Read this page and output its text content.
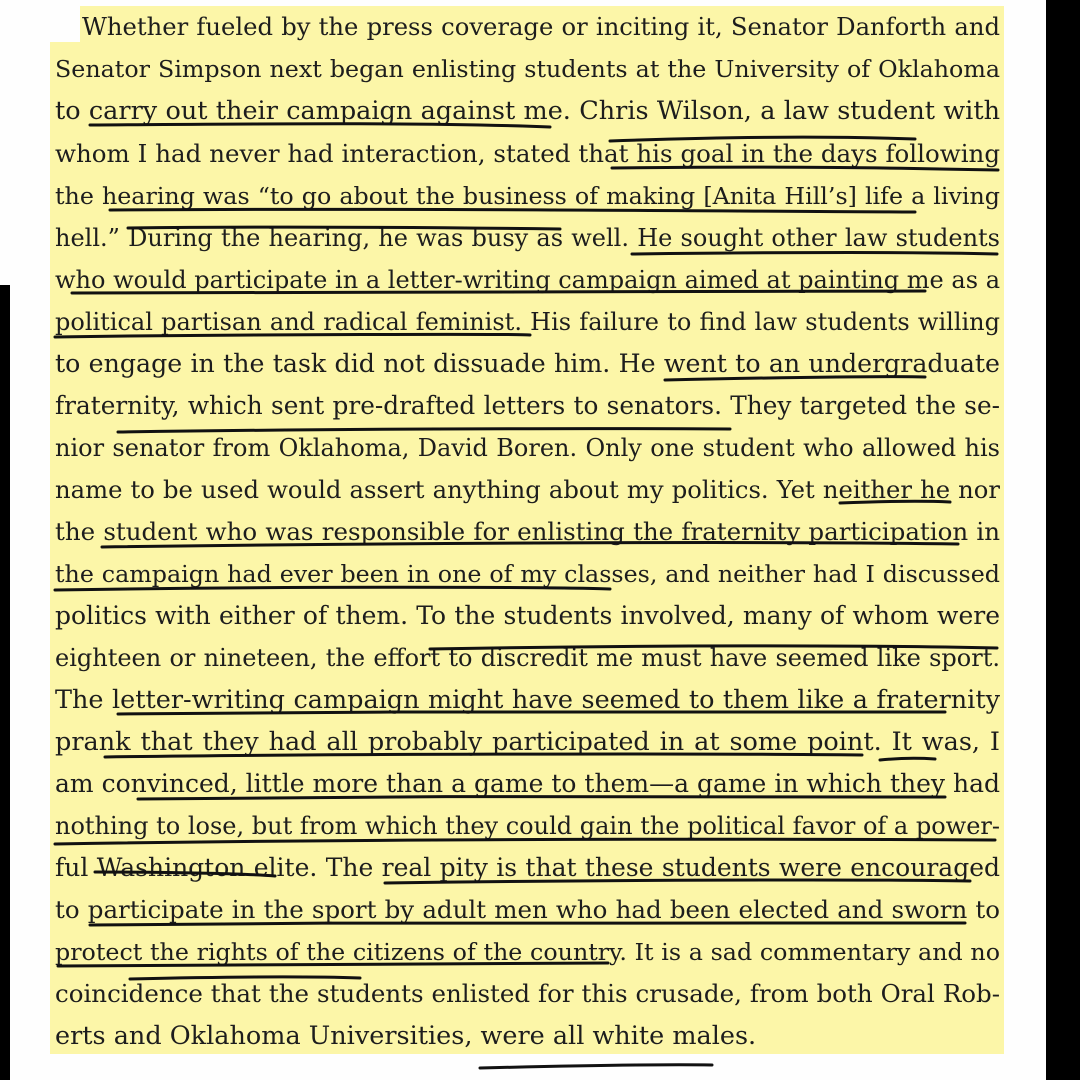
Whether fueled by the press coverage or inciting it, Senator Danforth and
Senator Simpson next began enlisting students at the University of Oklahoma
to carry out their campaign against me. Chris Wilson, a law student with
whom I had never had interaction, stated that his goal in the days following
the hearing was “to go about the business of making [Anita Hill’s] life a living
hell.” During the hearing, he was busy as well. He sought other law students
who would participate in a letter-writing campaign aimed at painting me as a
political partisan and radical feminist. His failure to find law students willing
to engage in the task did not dissuade him. He went to an undergraduate
fraternity, which sent pre-drafted letters to senators. They targeted the se-
nior senator from Oklahoma, David Boren. Only one student who allowed his
name to be used would assert anything about my politics. Yet neither he nor
the student who was responsible for enlisting the fraternity participation in
the campaign had ever been in one of my classes, and neither had I discussed
politics with either of them. To the students involved, many of whom were
eighteen or nineteen, the effort to discredit me must have seemed like sport.
The letter-writing campaign might have seemed to them like a fraternity
prank that they had all probably participated in at some point. It was, I
am convinced, little more than a game to them—a game in which they had
nothing to lose, but from which they could gain the political favor of a power-
ful Washington elite. The real pity is that these students were encouraged
to participate in the sport by adult men who had been elected and sworn to
protect the rights of the citizens of the country. It is a sad commentary and no
coincidence that the students enlisted for this crusade, from both Oral Rob-
erts and Oklahoma Universities, were all white males.
